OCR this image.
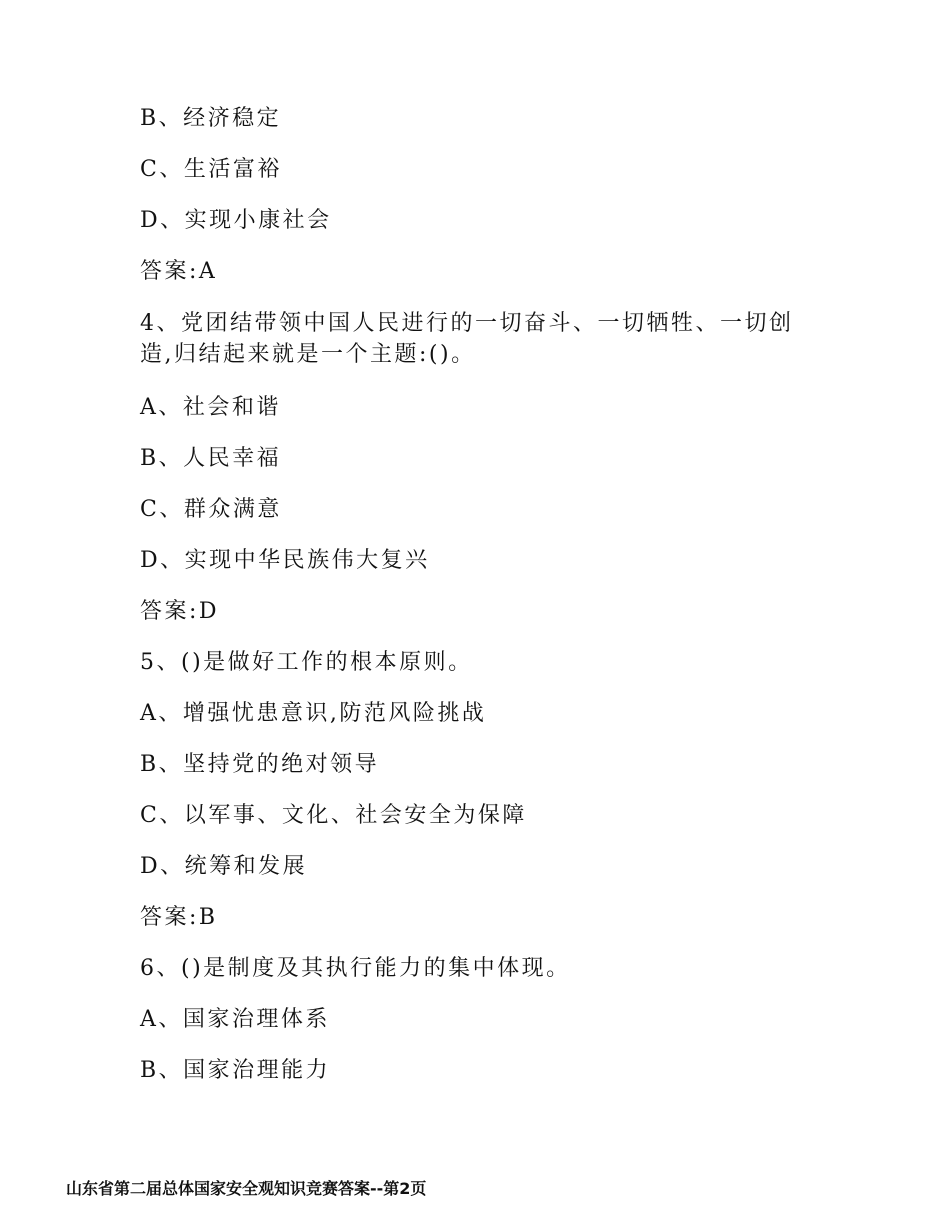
B、经济稳定
C、生活富裕
D、实现小康社会
答案:A
4、党团结带领中国人民进行的一切奋斗、一切牺牲、一切创造,归结起来就是一个主题:()。
A、社会和谐
B、人民幸福
C、群众满意
D、实现中华民族伟大复兴
答案:D
5、()是做好工作的根本原则。
A、增强忧患意识,防范风险挑战
B、坚持党的绝对领导
C、以军事、文化、社会安全为保障
D、统筹和发展
答案:B
6、()是制度及其执行能力的集中体现。
A、国家治理体系
B、国家治理能力
山东省第二届总体国家安全观知识竞赛答案--第2页
